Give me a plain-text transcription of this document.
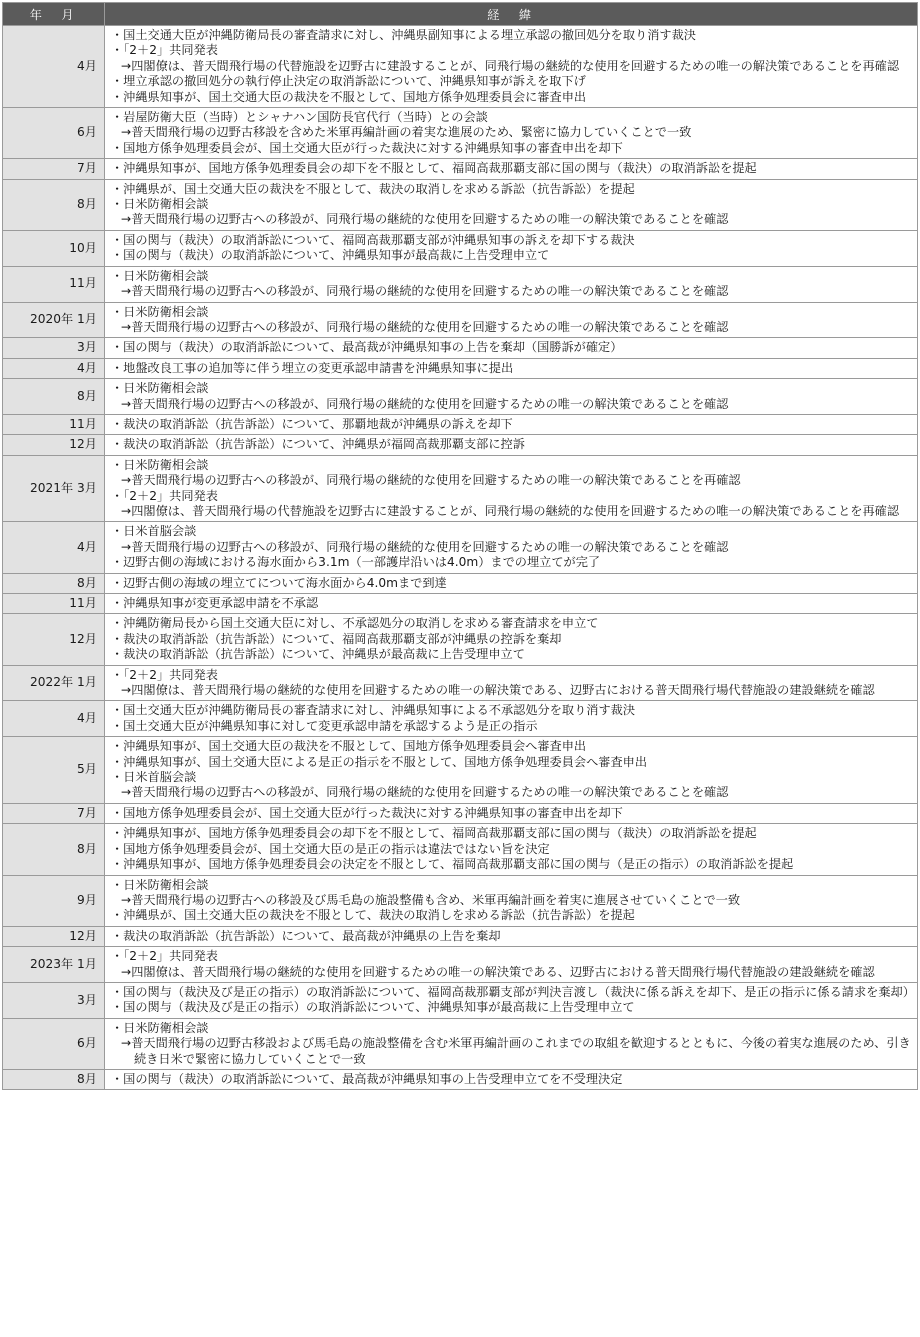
年　月	経　緯
4月	・国土交通大臣が沖縄防衛局長の審査請求に対し、沖縄県副知事による埋立承認の撤回処分を取り消す裁決
・「2＋2」共同発表
→四閣僚は、普天間飛行場の代替施設を辺野古に建設することが、同飛行場の継続的な使用を回避するための唯一の解決策であることを再確認
・埋立承認の撤回処分の執行停止決定の取消訴訟について、沖縄県知事が訴えを取下げ
・沖縄県知事が、国土交通大臣の裁決を不服として、国地方係争処理委員会に審査申出

6月	・岩屋防衛大臣（当時）とシャナハン国防長官代行（当時）との会談
→普天間飛行場の辺野古移設を含めた米軍再編計画の着実な進展のため、緊密に協力していくことで一致
・国地方係争処理委員会が、国土交通大臣が行った裁決に対する沖縄県知事の審査申出を却下

7月	・沖縄県知事が、国地方係争処理委員会の却下を不服として、福岡高裁那覇支部に国の関与（裁決）の取消訴訟を提起

8月	・沖縄県が、国土交通大臣の裁決を不服として、裁決の取消しを求める訴訟（抗告訴訟）を提起
・日米防衛相会談
→普天間飛行場の辺野古への移設が、同飛行場の継続的な使用を回避するための唯一の解決策であることを確認

10月	・国の関与（裁決）の取消訴訟について、福岡高裁那覇支部が沖縄県知事の訴えを却下する裁決
・国の関与（裁決）の取消訴訟について、沖縄県知事が最高裁に上告受理申立て

11月	・日米防衛相会談
→普天間飛行場の辺野古への移設が、同飛行場の継続的な使用を回避するための唯一の解決策であることを確認

2020年 1月	・日米防衛相会談
→普天間飛行場の辺野古への移設が、同飛行場の継続的な使用を回避するための唯一の解決策であることを確認

3月	・国の関与（裁決）の取消訴訟について、最高裁が沖縄県知事の上告を棄却（国勝訴が確定）

4月	・地盤改良工事の追加等に伴う埋立の変更承認申請書を沖縄県知事に提出

8月	・日米防衛相会談
→普天間飛行場の辺野古への移設が、同飛行場の継続的な使用を回避するための唯一の解決策であることを確認

11月	・裁決の取消訴訟（抗告訴訟）について、那覇地裁が沖縄県の訴えを却下

12月	・裁決の取消訴訟（抗告訴訟）について、沖縄県が福岡高裁那覇支部に控訴

2021年 3月	・日米防衛相会談
→普天間飛行場の辺野古への移設が、同飛行場の継続的な使用を回避するための唯一の解決策であることを再確認
・「2＋2」共同発表
→四閣僚は、普天間飛行場の代替施設を辺野古に建設することが、同飛行場の継続的な使用を回避するための唯一の解決策であることを再確認

4月	・日米首脳会談
→普天間飛行場の辺野古への移設が、同飛行場の継続的な使用を回避するための唯一の解決策であることを確認
・辺野古側の海域における海水面から3.1m（一部護岸沿いは4.0m）までの埋立てが完了

8月	・辺野古側の海域の埋立てについて海水面から4.0mまで到達

11月	・沖縄県知事が変更承認申請を不承認

12月	・沖縄防衛局長から国土交通大臣に対し、不承認処分の取消しを求める審査請求を申立て
・裁決の取消訴訟（抗告訴訟）について、福岡高裁那覇支部が沖縄県の控訴を棄却
・裁決の取消訴訟（抗告訴訟）について、沖縄県が最高裁に上告受理申立て

2022年 1月	・「2＋2」共同発表
→四閣僚は、普天間飛行場の継続的な使用を回避するための唯一の解決策である、辺野古における普天間飛行場代替施設の建設継続を確認

4月	・国土交通大臣が沖縄防衛局長の審査請求に対し、沖縄県知事による不承認処分を取り消す裁決
・国土交通大臣が沖縄県知事に対して変更承認申請を承認するよう是正の指示

5月	・沖縄県知事が、国土交通大臣の裁決を不服として、国地方係争処理委員会へ審査申出
・沖縄県知事が、国土交通大臣による是正の指示を不服として、国地方係争処理委員会へ審査申出
・日米首脳会談
→普天間飛行場の辺野古への移設が、同飛行場の継続的な使用を回避するための唯一の解決策であることを確認

7月	・国地方係争処理委員会が、国土交通大臣が行った裁決に対する沖縄県知事の審査申出を却下

8月	・沖縄県知事が、国地方係争処理委員会の却下を不服として、福岡高裁那覇支部に国の関与（裁決）の取消訴訟を提起
・国地方係争処理委員会が、国土交通大臣の是正の指示は違法ではない旨を決定
・沖縄県知事が、国地方係争処理委員会の決定を不服として、福岡高裁那覇支部に国の関与（是正の指示）の取消訴訟を提起

9月	・日米防衛相会談
→普天間飛行場の辺野古への移設及び馬毛島の施設整備も含め、米軍再編計画を着実に進展させていくことで一致
・沖縄県が、国土交通大臣の裁決を不服として、裁決の取消しを求める訴訟（抗告訴訟）を提起

12月	・裁決の取消訴訟（抗告訴訟）について、最高裁が沖縄県の上告を棄却

2023年 1月	・「2＋2」共同発表
→四閣僚は、普天間飛行場の継続的な使用を回避するための唯一の解決策である、辺野古における普天間飛行場代替施設の建設継続を確認

3月	・国の関与（裁決及び是正の指示）の取消訴訟について、福岡高裁那覇支部が判決言渡し（裁決に係る訴えを却下、是正の指示に係る請求を棄却）
・国の関与（裁決及び是正の指示）の取消訴訟について、沖縄県知事が最高裁に上告受理申立て

6月	・日米防衛相会談
→普天間飛行場の辺野古移設および馬毛島の施設整備を含む米軍再編計画のこれまでの取組を歓迎するとともに、今後の着実な進展のため、引き続き日米で緊密に協力していくことで一致

8月	・国の関与（裁決）の取消訴訟について、最高裁が沖縄県知事の上告受理申立てを不受理決定
